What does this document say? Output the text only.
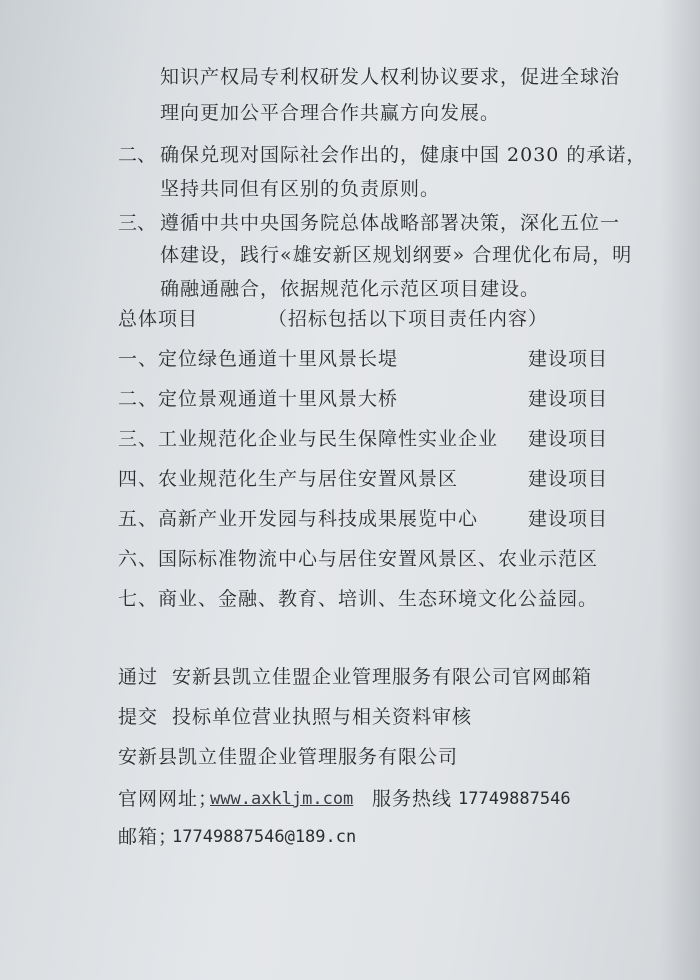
知识产权局专利权研发人权利协议要求，促进全球治
理向更加公平合理合作共赢方向发展。
二、 确保兑现对国际社会作出的，健康中国 2030 的承诺，
坚持共同但有区别的负责原则。
三、 遵循中共中央国务院总体战略部署决策，深化五位一
体建设，践行«雄安新区规划纲要» 合理优化布局，明
确融通融合，依据规范化示范区项目建设。
总体项目	（招标包括以下项目责任内容）
一、定位绿色通道十里风景长堤	建设项目
二、定位景观通道十里风景大桥	建设项目
三、工业规范化企业与民生保障性实业企业 建设项目
四、农业规范化生产与居住安置风景区	建设项目
五、高新产业开发园与科技成果展览中心	建设项目
六、国际标准物流中心与居住安置风景区、农业示范区
七、商业、金融、教育、培训、生态环境文化公益园。
通过 安新县凯立佳盟企业管理服务有限公司官网邮箱
提交 投标单位营业执照与相关资料审核
安新县凯立佳盟企业管理服务有限公司
官网网址；
www.axkljm.com 服务热线 17749887546
邮箱；
17749887546@189.cn
